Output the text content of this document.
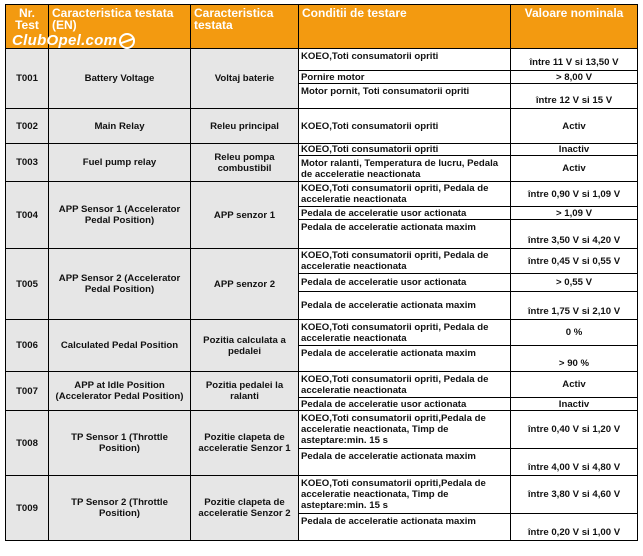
Nr. Test	Caracteristica testata (EN)	Caracteristica testata	Conditii de testare	Valoare nominala
T001	Battery Voltage	Voltaj baterie	KOEO,Toti consumatorii opriti	între 11 V si 13,50 V
			Pornire motor	> 8,00 V
			Motor pornit, Toti consumatorii opriti	între 12 V si 15 V
T002	Main Relay	Releu principal	KOEO,Toti consumatorii opriti	Activ
T003	Fuel pump relay	Releu pompa combustibil	KOEO,Toti consumatorii opriti	Inactiv
			Motor ralanti, Temperatura de lucru, Pedala de acceleratie neactionata	Activ
T004	APP Sensor 1 (Accelerator Pedal Position)	APP senzor 1	KOEO,Toti consumatorii opriti, Pedala de acceleratie neactionata	între 0,90 V si 1,09 V
			Pedala de acceleratie usor actionata	> 1,09 V
			Pedala de acceleratie actionata maxim	între 3,50 V si 4,20 V
T005	APP Sensor 2 (Accelerator Pedal Position)	APP senzor 2	KOEO,Toti consumatorii opriti, Pedala de acceleratie neactionata	între 0,45 V si 0,55 V
			Pedala de acceleratie usor actionata	> 0,55 V
			Pedala de acceleratie actionata maxim	între 1,75 V si 2,10 V
T006	Calculated Pedal Position	Pozitia calculata a pedalei	KOEO,Toti consumatorii opriti, Pedala de acceleratie neactionata	0 %
			Pedala de acceleratie actionata maxim	> 90 %
T007	APP at Idle Position (Accelerator Pedal Position)	Pozitia pedalei la ralanti	KOEO,Toti consumatorii opriti, Pedala de acceleratie neactionata	Activ
			Pedala de acceleratie usor actionata	Inactiv
T008	TP Sensor 1 (Throttle Position)	Pozitie clapeta de acceleratie Senzor 1	KOEO,Toti consumatorii opriti,Pedala de acceleratie neactionata, Timp de asteptare:min. 15 s	între 0,40 V si 1,20 V
			Pedala de acceleratie actionata maxim	între 4,00 V si 4,80 V
T009	TP Sensor 2 (Throttle Position)	Pozitie clapeta de acceleratie Senzor 2	KOEO,Toti consumatorii opriti,Pedala de acceleratie neactionata, Timp de asteptare:min. 15 s	între 3,80 V si 4,60 V
			Pedala de acceleratie actionata maxim	între 0,20 V si 1,00 V
ClubOpel.com
